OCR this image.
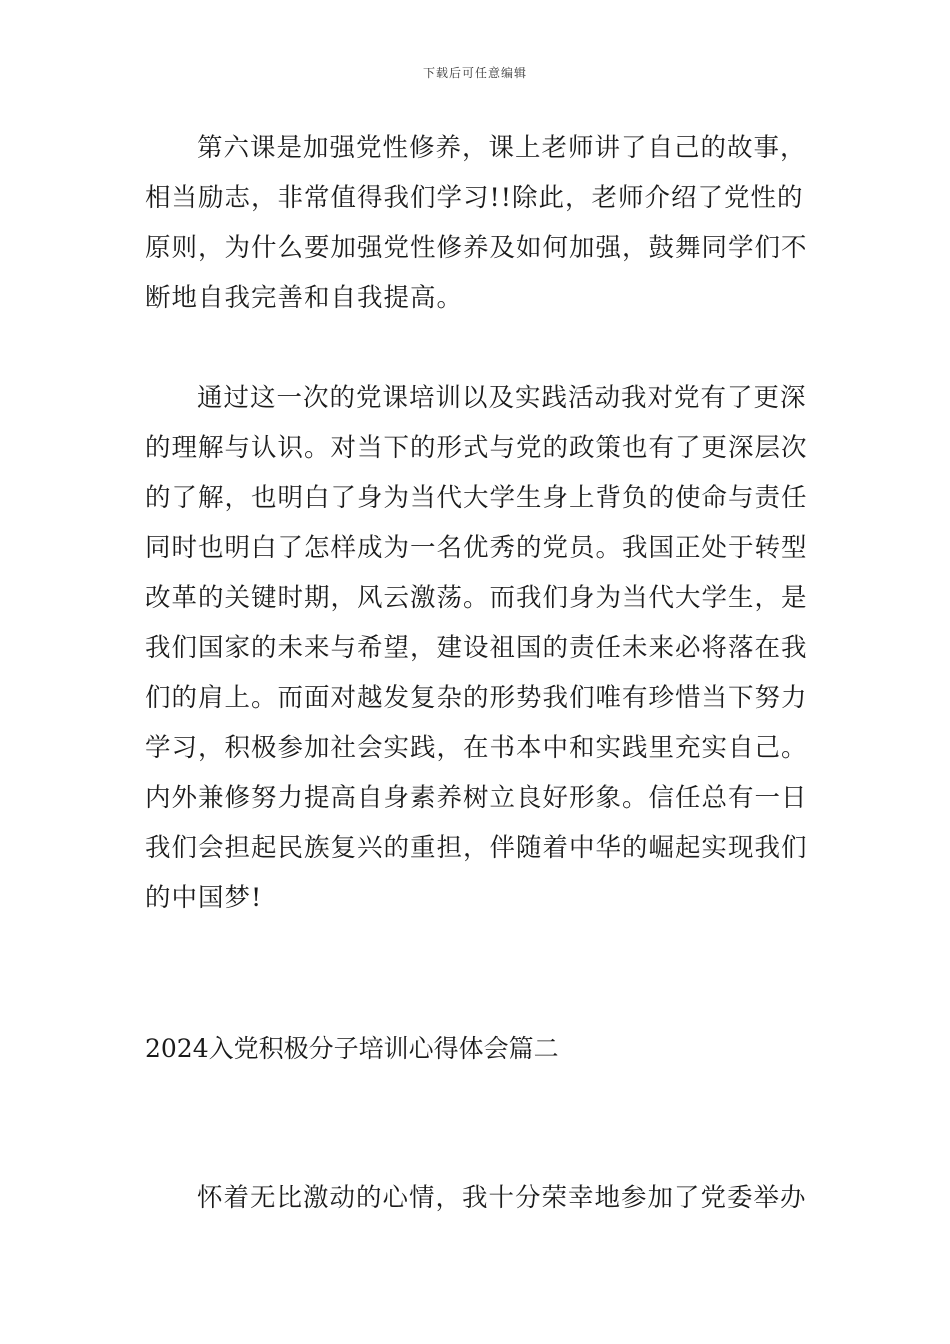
下载后可任意编辑
第六课是加强党性修养，课上老师讲了自己的故事，
相当励志，非常值得我们学习!!除此，老师介绍了党性的
原则，为什么要加强党性修养及如何加强，鼓舞同学们不
断地自我完善和自我提高。
通过这一次的党课培训以及实践活动我对党有了更深
的理解与认识。对当下的形式与党的政策也有了更深层次
的了解，也明白了身为当代大学生身上背负的使命与责任
同时也明白了怎样成为一名优秀的党员。我国正处于转型
改革的关键时期，风云激荡。而我们身为当代大学生，是
我们国家的未来与希望，建设祖国的责任未来必将落在我
们的肩上。而面对越发复杂的形势我们唯有珍惜当下努力
学习，积极参加社会实践，在书本中和实践里充实自己。
内外兼修努力提高自身素养树立良好形象。信任总有一日
我们会担起民族复兴的重担，伴随着中华的崛起实现我们
的中国梦!
2024入党积极分子培训心得体会篇二
怀着无比激动的心情，我十分荣幸地参加了党委举办
